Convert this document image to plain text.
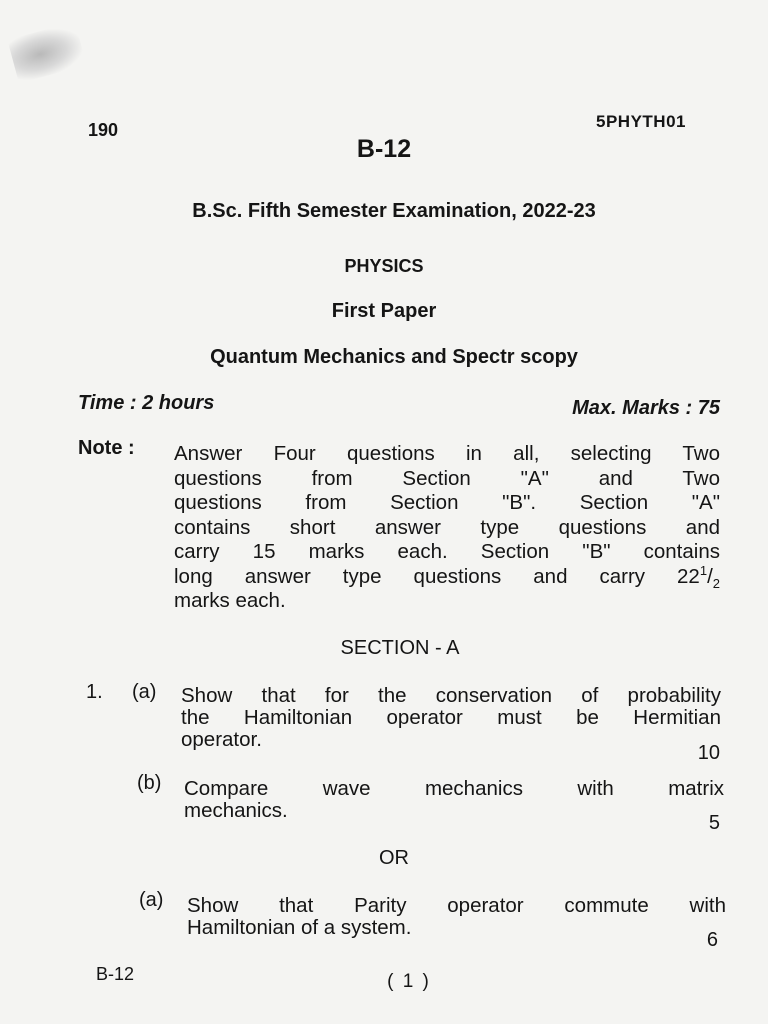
190	5PHYTH01
B-12
B.Sc. Fifth Semester Examination, 2022-23
PHYSICS
First Paper
Quantum Mechanics and Spectr scopy
Time : 2 hours	Max. Marks : 75
Note : Answer Four questions in all, selecting Two
questions from Section "A" and Two
questions from Section "B". Section "A"
contains short answer type questions and
carry 15 marks each. Section "B" contains
long answer type questions and carry $22^1/_2$
marks each.
SECTION - A
1. (a) Show that for the conservation of probability
the Hamiltonian operator must be Hermitian
operator.
10
(b) Compare wave mechanics with matrix
mechanics.
5
OR
(a) Show that Parity operator commute with
Hamiltonian of a system.
6
B-12	( 1 )
